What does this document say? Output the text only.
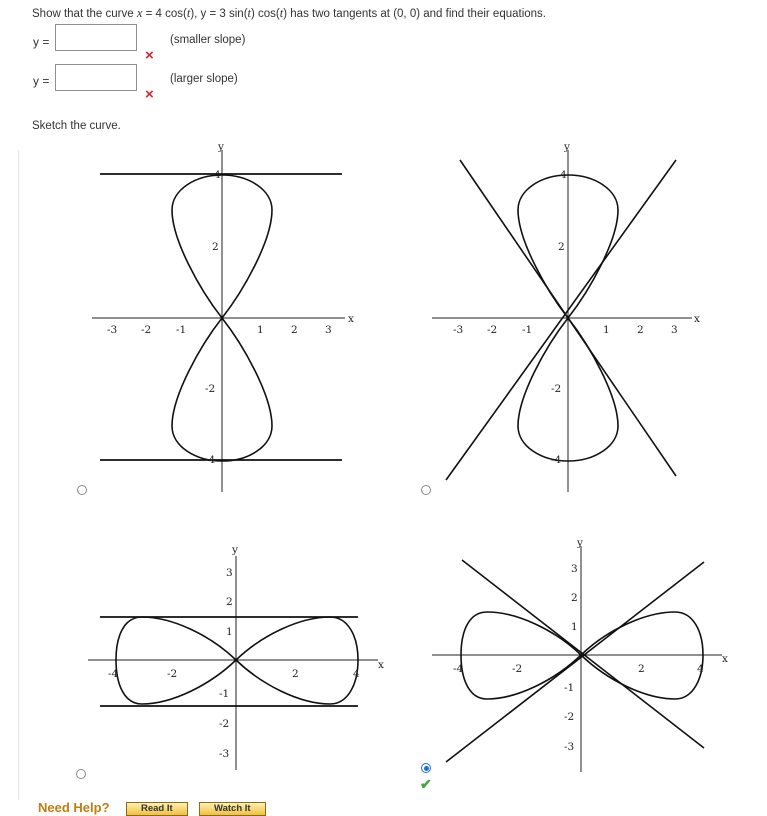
Show that the curve x = 4 cos(t), y = 3 sin(t) cos(t) has two tangents at (0, 0) and find their equations.
y =	(smaller slope)
×
y =	(larger slope)
×
Sketch the curve.
y
x
-3 -2 -1	1	2	3
4
2
-2
-4
y
x
-3 -2 -1	1	2	3
4
2
-2
-4
y
x
-4	-2	2	4
3
2
1
-1
-2
-3
y
x
-4	-2	2	4
3
2
1
-1
-2
-3
✔
Need Help?	Read It	Watch It
